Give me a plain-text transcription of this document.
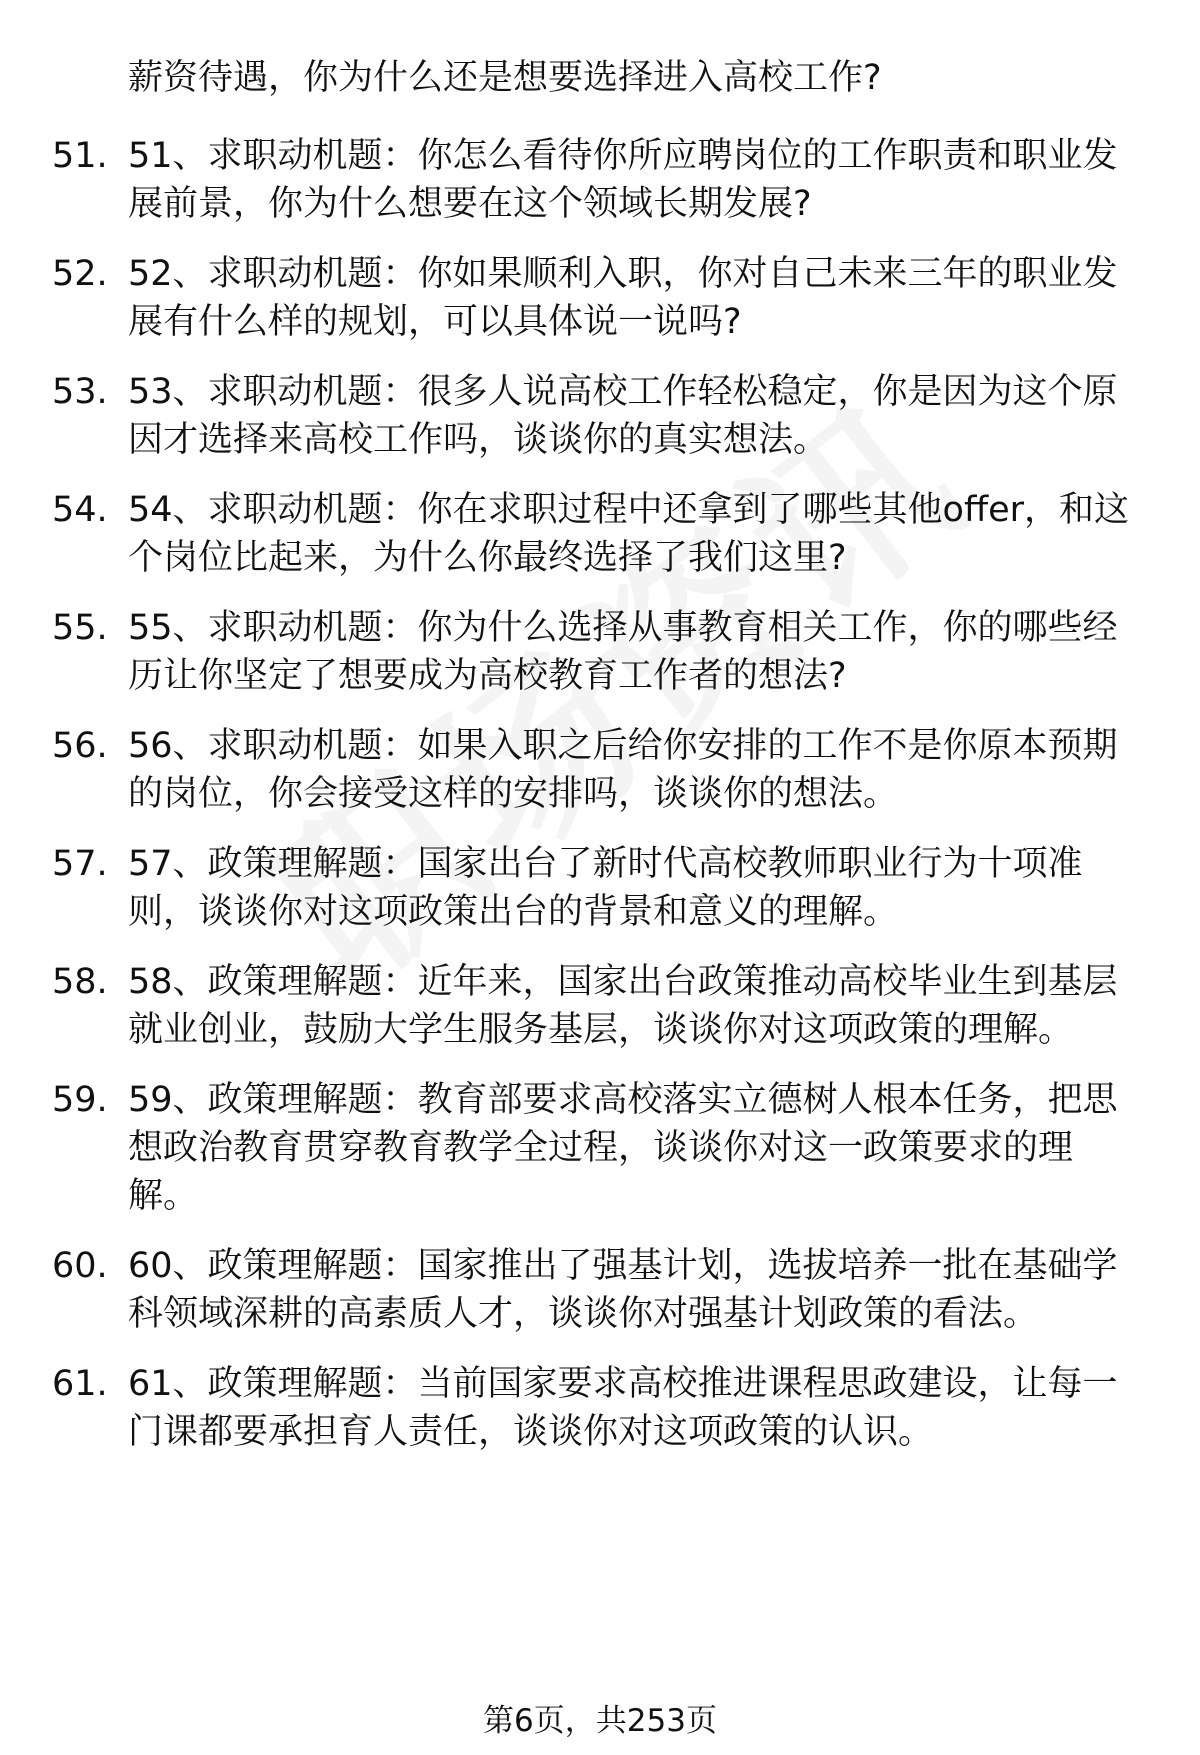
薪资待遇，你为什么还是想要选择进入高校工作?
51. 51、求职动机题：你怎么看待你所应聘岗位的工作职责和职业发
展前景，你为什么想要在这个领域长期发展?
52. 52、求职动机题：你如果顺利入职，你对自己未来三年的职业发
展有什么样的规划，可以具体说一说吗?
53. 53、求职动机题：很多人说高校工作轻松稳定，你是因为这个原
因才选择来高校工作吗，谈谈你的真实想法。
54. 54、求职动机题：你在求职过程中还拿到了哪些其他offer，和这
个岗位比起来，为什么你最终选择了我们这里?
55. 55、求职动机题：你为什么选择从事教育相关工作，你的哪些经
历让你坚定了想要成为高校教育工作者的想法?
56. 56、求职动机题：如果入职之后给你安排的工作不是你原本预期
的岗位，你会接受这样的安排吗，谈谈你的想法。
57. 57、政策理解题：国家出台了新时代高校教师职业行为十项准
则，谈谈你对这项政策出台的背景和意义的理解。
58. 58、政策理解题：近年来，国家出台政策推动高校毕业生到基层
就业创业，鼓励大学生服务基层，谈谈你对这项政策的理解。
59. 59、政策理解题：教育部要求高校落实立德树人根本任务，把思
想政治教育贯穿教育教学全过程，谈谈你对这一政策要求的理
解。
60. 60、政策理解题：国家推出了强基计划，选拔培养一批在基础学
科领域深耕的高素质人才，谈谈你对强基计划政策的看法。
61. 61、政策理解题：当前国家要求高校推进课程思政建设，让每一
门课都要承担育人责任，谈谈你对这项政策的认识。
第6页，共253页
